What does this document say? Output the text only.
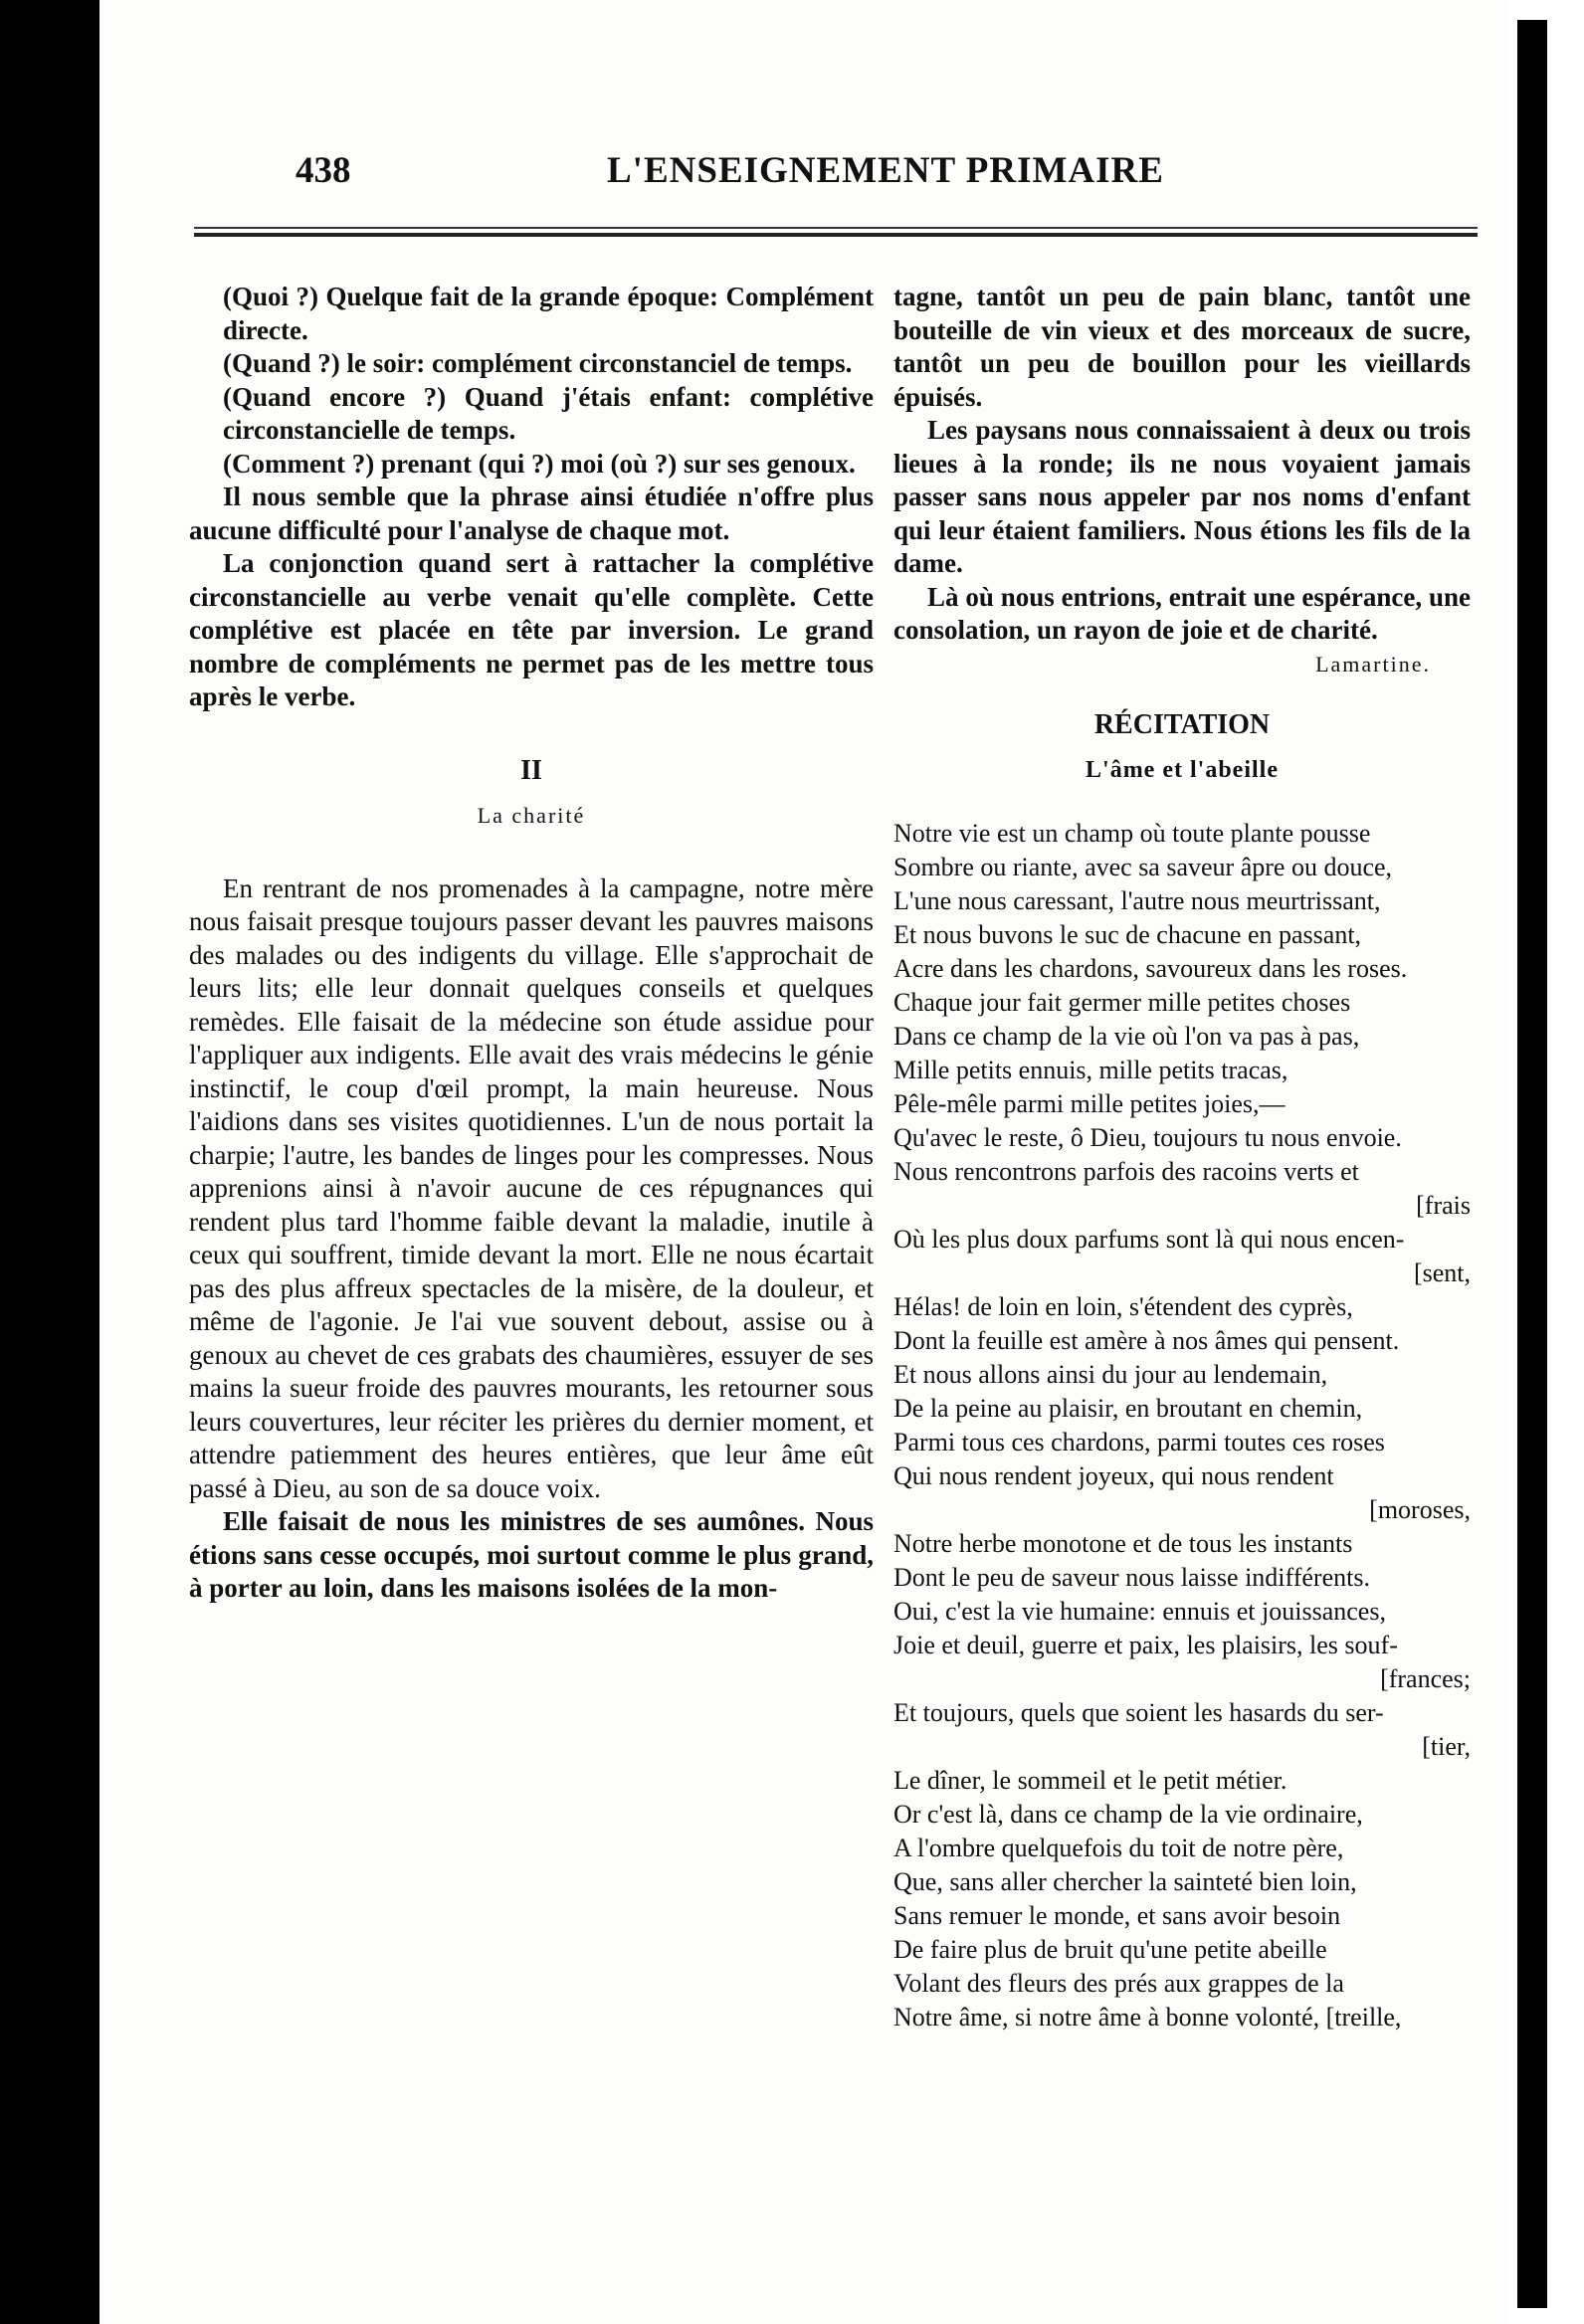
438	L'ENSEIGNEMENT PRIMAIRE

(Quoi ?) Quelque fait de la grande époque: Complément directe.

(Quand ?) le soir: complément circonstanciel de temps.

(Quand encore ?) Quand j'étais enfant: complétive circonstancielle de temps.

(Comment ?) prenant (qui ?) moi (où ?) sur ses genoux.

Il nous semble que la phrase ainsi étudiée n'offre plus aucune difficulté pour l'analyse de chaque mot.

La conjonction quand sert à rattacher la complétive circonstancielle au verbe venait qu'elle complète. Cette complétive est placée en tête par inversion. Le grand nombre de compléments ne permet pas de les mettre tous après le verbe.

II
La charité

En rentrant de nos promenades à la campagne, notre mère nous faisait presque toujours passer devant les pauvres maisons des malades ou des indigents du village. Elle s'approchait de leurs lits; elle leur donnait quelques conseils et quelques remèdes. Elle faisait de la médecine son étude assidue pour l'appliquer aux indigents. Elle avait des vrais médecins le génie instinctif, le coup d'œil prompt, la main heureuse. Nous l'aidions dans ses visites quotidiennes. L'un de nous portait la charpie; l'autre, les bandes de linges pour les compresses. Nous apprenions ainsi à n'avoir aucune de ces répugnances qui rendent plus tard l'homme faible devant la maladie, inutile à ceux qui souffrent, timide devant la mort. Elle ne nous écartait pas des plus affreux spectacles de la misère, de la douleur, et même de l'agonie. Je l'ai vue souvent debout, assise ou à genoux au chevet de ces grabats des chaumières, essuyer de ses mains la sueur froide des pauvres mourants, les retourner sous leurs couvertures, leur réciter les prières du dernier moment, et attendre patiemment des heures entières, que leur âme eût passé à Dieu, au son de sa douce voix.

Elle faisait de nous les ministres de ses aumônes. Nous étions sans cesse occupés, moi surtout comme le plus grand, à porter au loin, dans les maisons isolées de la mon-

tagne, tantôt un peu de pain blanc, tantôt une bouteille de vin vieux et des morceaux de sucre, tantôt un peu de bouillon pour les vieillards épuisés.

Les paysans nous connaissaient à deux ou trois lieues à la ronde; ils ne nous voyaient jamais passer sans nous appeler par nos noms d'enfant qui leur étaient familiers. Nous étions les fils de la dame.

Là où nous entrions, entrait une espérance, une consolation, un rayon de joie et de charité.

Lamartine.
RÉCITATION
L'âme et l'abeille
Notre vie est un champ où toute plante pousse
Sombre ou riante, avec sa saveur âpre ou douce,
L'une nous caressant, l'autre nous meurtrissant,
Et nous buvons le suc de chacune en passant,
Acre dans les chardons, savoureux dans les roses.
Chaque jour fait germer mille petites choses
Dans ce champ de la vie où l'on va pas à pas,
Mille petits ennuis, mille petits tracas,
Pêle-mêle parmi mille petites joies,—
Qu'avec le reste, ô Dieu, toujours tu nous envoie.
Nous rencontrons parfois des racoins verts et
[frais
Où les plus doux parfums sont là qui nous encen-
[sent,
Hélas! de loin en loin, s'étendent des cyprès,
Dont la feuille est amère à nos âmes qui pensent.
Et nous allons ainsi du jour au lendemain,
De la peine au plaisir, en broutant en chemin,
Parmi tous ces chardons, parmi toutes ces roses
Qui nous rendent joyeux, qui nous rendent
[moroses,
Notre herbe monotone et de tous les instants
Dont le peu de saveur nous laisse indifférents.
Oui, c'est la vie humaine: ennuis et jouissances,
Joie et deuil, guerre et paix, les plaisirs, les souf-
[frances;
Et toujours, quels que soient les hasards du ser-
[tier,
Le dîner, le sommeil et le petit métier.
Or c'est là, dans ce champ de la vie ordinaire,
A l'ombre quelquefois du toit de notre père,
Que, sans aller chercher la sainteté bien loin,
Sans remuer le monde, et sans avoir besoin
De faire plus de bruit qu'une petite abeille
Volant des fleurs des prés aux grappes de la
Notre âme, si notre âme à bonne volonté, [treille,
